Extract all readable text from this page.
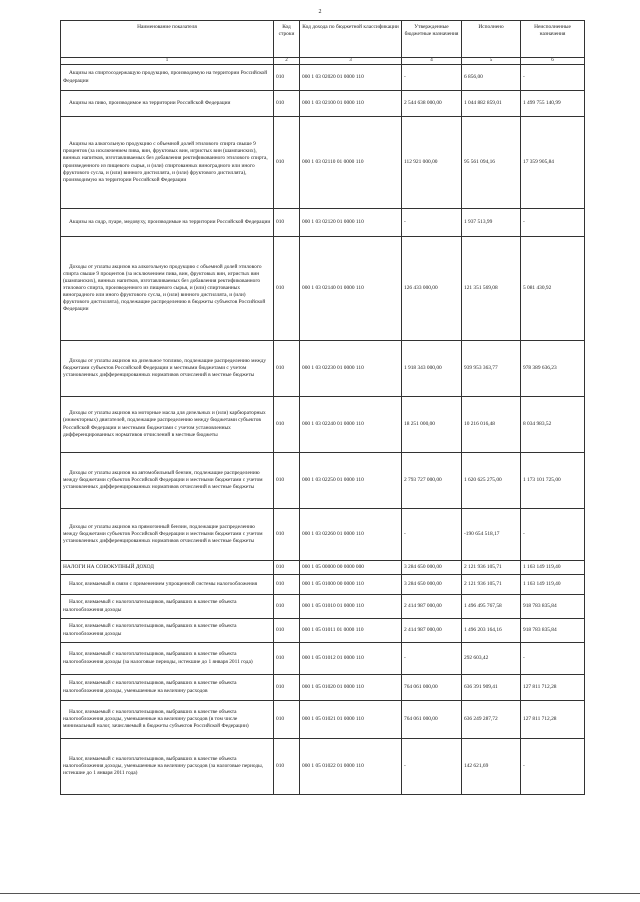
2
Наименование показателя	Код строки	Код дохода по бюджетной классификации	Утвержденные бюджетные назначения	Исполнено	Неисполненные назначения
1	2	3	4	5	6
Акцизы на спиртосодержащую продукцию, производимую на территории Российской Федерации	010	000 1 03 02020 01 0000 110	-	6 856,00	-
Акцизы на пиво, производимое на территории Российской Федерации	010	000 1 03 02100 01 0000 110	2 544 638 000,00	1 044 882 859,01	1 499 755 140,99
Акцизы на алкогольную продукцию с объемной долей этилового спирта свыше 9 процентов (за исключением пива, вин, фруктовых вин, игристых вин (шампанских), винных напитков, изготавливаемых без добавления ректификованного этилового спирта, произведенного из пищевого сырья, и (или) спиртованных виноградного или иного фруктового сусла, и (или) винного дистиллята, и (или) фруктового дистиллята), производимую на территории Российской Федерации	010	000 1 03 02110 01 0000 110	112 921 000,00	95 561 094,16	17 359 905,84
Акцизы на сидр, пуаре, медовуху, производимые на территории Российской Федерации	010	000 1 03 02120 01 0000 110	-	1 937 513,99	-
Доходы от уплаты акцизов на алкогольную продукцию с объемной долей этилового спирта свыше 9 процентов (за исключением пива, вин, фруктовых вин, игристых вин (шампанских), винных напитков, изготавливаемых без добавления ректификованного этилового спирта, произведенного из пищевого сырья, и (или) спиртованных виноградного или иного фруктового сусла, и (или) винного дистиллята, и (или) фруктового дистиллята), подлежащие распределению в бюджеты субъектов Российской Федерации	010	000 1 03 02140 01 0000 110	126 433 000,00	121 351 569,08	5 081 430,92
Доходы от уплаты акцизов на дизельное топливо, подлежащие распределению между бюджетами субъектов Российской Федерации и местными бюджетами с учетом установленных дифференцированных нормативов отчислений в местные бюджеты	010	000 1 03 02230 01 0000 110	1 918 343 000,00	939 953 363,77	978 389 636,23
Доходы от уплаты акцизов на моторные масла для дизельных и (или) карбюраторных (инжекторных) двигателей, подлежащие распределению между бюджетами субъектов Российской Федерации и местными бюджетами с учетом установленных дифференцированных нормативов отчислений в местные бюджеты	010	000 1 03 02240 01 0000 110	18 251 000,00	10 216 016,48	8 034 983,52
Доходы от уплаты акцизов на автомобильный бензин, подлежащие распределению между бюджетами субъектов Российской Федерации и местными бюджетами с учетом установленных дифференцированных нормативов отчислений в местные бюджеты	010	000 1 03 02250 01 0000 110	2 793 727 000,00	1 620 625 275,00	1 173 101 725,00
Доходы от уплаты акцизов на прямогонный бензин, подлежащие распределению между бюджетами субъектов Российской Федерации и местными бюджетами с учетом установленных дифференцированных нормативов отчислений в местные бюджеты	010	000 1 03 02260 01 0000 110	-	-190 654 518,17	-
НАЛОГИ НА СОВОКУПНЫЙ ДОХОД	010	000 1 05 00000 00 0000 000	3 284 650 000,00	2 121 936 105,71	1 163 149 119,40
Налог, взимаемый в связи с применением упрощенной системы налогообложения	010	000 1 05 01000 00 0000 110	3 284 650 000,00	2 121 936 105,71	1 163 149 119,40
Налог, взимаемый с налогоплательщиков, выбравших в качестве объекта налогообложения доходы	010	000 1 05 01010 01 0000 110	2 414 987 000,00	1 496 495 767,58	918 783 835,84
Налог, взимаемый с налогоплательщиков, выбравших в качестве объекта налогообложения доходы	010	000 1 05 01011 01 0000 110	2 414 987 000,00	1 496 203 164,16	918 783 835,84
Налог, взимаемый с налогоплательщиков, выбравших в качестве объекта налогообложения доходы (за налоговые периоды, истекшие до 1 января 2011 года)	010	000 1 05 01012 01 0000 110	-	292 603,42	-
Налог, взимаемый с налогоплательщиков, выбравших в качестве объекта налогообложения доходы, уменьшенные на величину расходов	010	000 1 05 01020 01 0000 110	764 061 000,00	636 391 909,41	127 811 712,28
Налог, взимаемый с налогоплательщиков, выбравших в качестве объекта налогообложения доходы, уменьшенные на величину расходов (в том числе минимальный налог, зачисляемый в бюджеты субъектов Российской Федерации)	010	000 1 05 01021 01 0000 110	764 061 000,00	636 249 287,72	127 811 712,28
Налог, взимаемый с налогоплательщиков, выбравших в качестве объекта налогообложения доходы, уменьшенные на величину расходов (за налоговые периоды, истекшие до 1 января 2011 года)	010	000 1 05 01022 01 0000 110	-	142 621,69	-
